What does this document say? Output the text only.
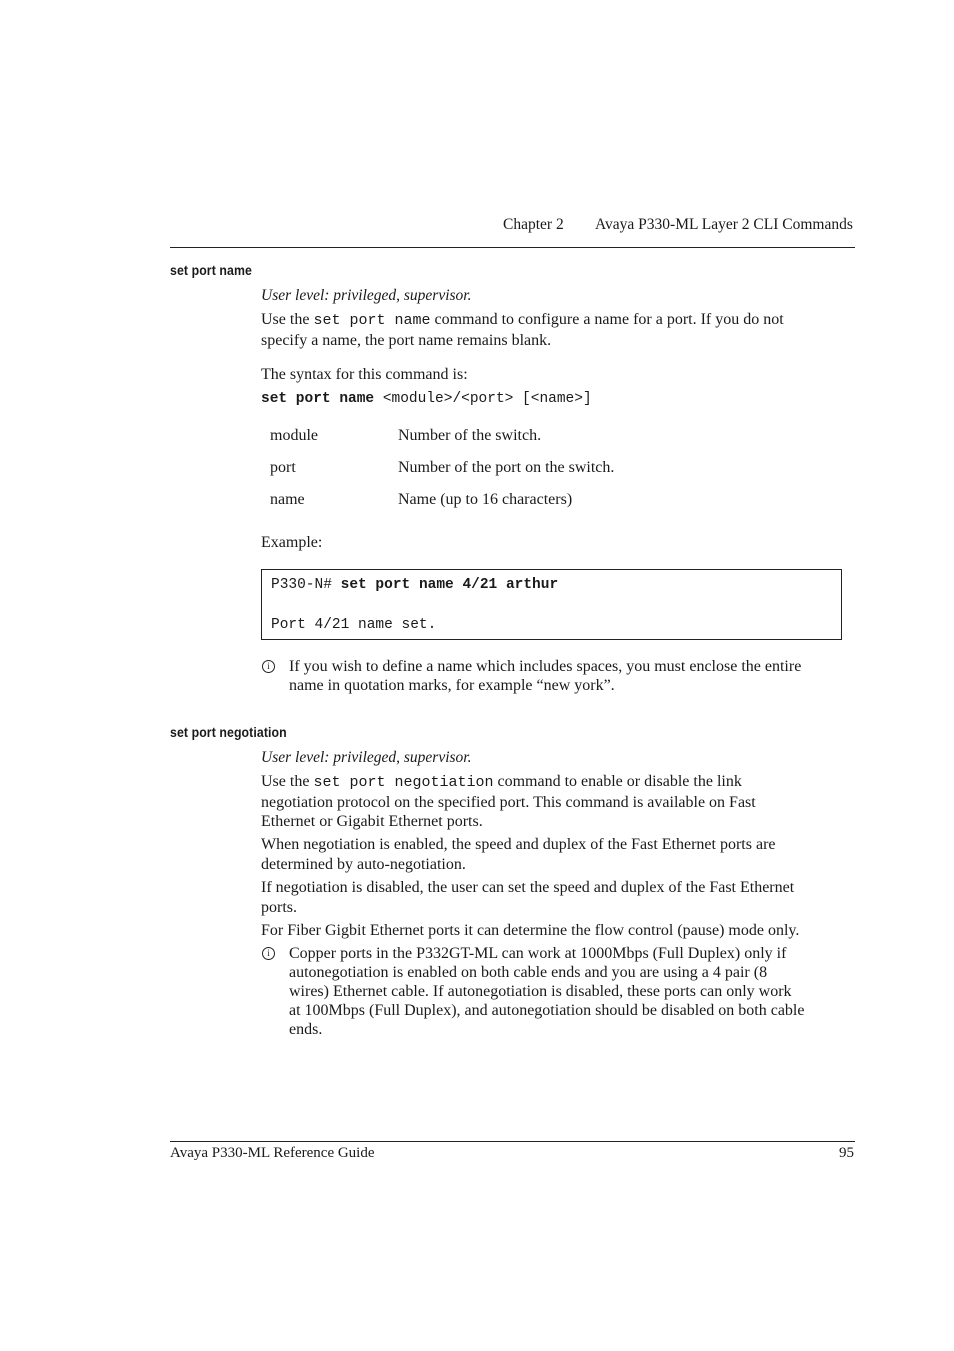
Chapter 2 Avaya P330-ML Layer 2 CLI Commands
set port name
User level: privileged, supervisor.
Use the set port name command to configure a name for a port. If you do not
specify a name, the port name remains blank.
The syntax for this command is:
set port name <module>/<port> [<name>]
module	Number of the switch.
port	Number of the port on the switch.
name	Name (up to 16 characters)
Example:
P330-N# set port name 4/21 arthur
Port 4/21 name set.
i	If you wish to define a name which includes spaces, you must enclose the entire
name in quotation marks, for example “new york”.
set port negotiation
User level: privileged, supervisor.
Use the set port negotiation command to enable or disable the link
negotiation protocol on the specified port. This command is available on Fast
Ethernet or Gigabit Ethernet ports.
When negotiation is enabled, the speed and duplex of the Fast Ethernet ports are
determined by auto-negotiation.
If negotiation is disabled, the user can set the speed and duplex of the Fast Ethernet
ports.
For Fiber Gigbit Ethernet ports it can determine the flow control (pause) mode only.
i	Copper ports in the P332GT-ML can work at 1000Mbps (Full Duplex) only if
autonegotiation is enabled on both cable ends and you are using a 4 pair (8
wires) Ethernet cable. If autonegotiation is disabled, these ports can only work
at 100Mbps (Full Duplex), and autonegotiation should be disabled on both cable
ends.
Avaya P330-ML Reference Guide	95
